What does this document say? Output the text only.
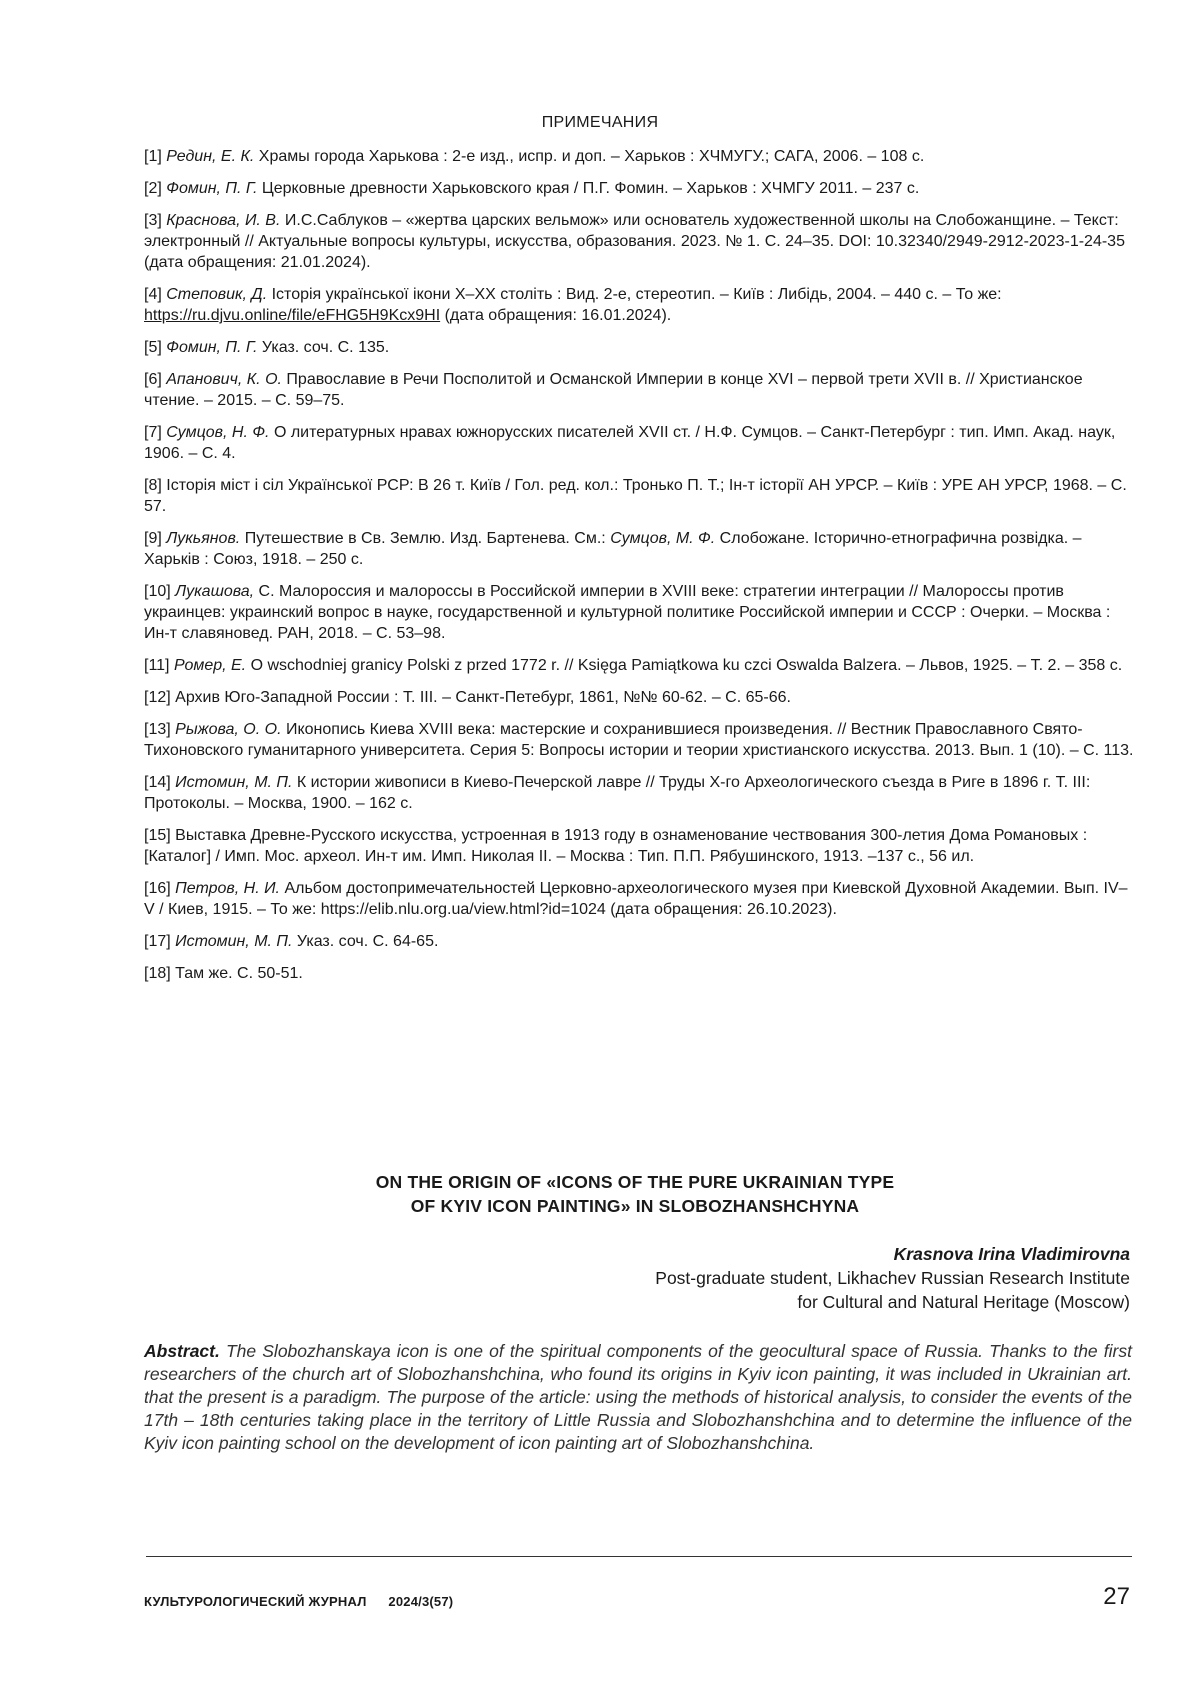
ПРИМЕЧАНИЯ
[1] Редин, Е. К. Храмы города Харькова : 2-е изд., испр. и доп. – Харьков : ХЧМУГУ.; САГА, 2006. – 108 с.
[2] Фомин, П. Г. Церковные древности Харьковского края / П.Г. Фомин. – Харьков : ХЧМГУ 2011. – 237 с.
[3] Краснова, И. В. И.С.Саблуков – «жертва царских вельмож» или основатель художественной школы на Слобожанщине. – Текст: электронный // Актуальные вопросы культуры, искусства, образования. 2023. № 1. С. 24–35. DOI: 10.32340/2949-2912-2023-1-24-35 (дата обращения: 21.01.2024).
[4] Степовик, Д. Історія української ікони X–XX століть : Вид. 2-е, стереотип. – Київ : Либідь, 2004. – 440 с. – То же: https://ru.djvu.online/file/eFHG5H9Kcx9HI (дата обращения: 16.01.2024).
[5] Фомин, П. Г. Указ. соч. С. 135.
[6] Апанович, К. О. Православие в Речи Посполитой и Османской Империи в конце XVI – первой трети XVII в. // Христианское чтение. – 2015. – С. 59–75.
[7] Сумцов, Н. Ф. О литературных нравах южнорусских писателей XVII ст. / Н.Ф. Сумцов. – Санкт-Петербург : тип. Имп. Акад. наук, 1906. – С. 4.
[8] Історія міст і сіл Української РСР: В 26 т. Київ / Гол. ред. кол.: Тронько П. Т.; Ін-т історії АН УРСР. – Київ : УРЕ АН УРСР, 1968. – С. 57.
[9] Лукьянов. Путешествие в Св. Землю. Изд. Бартенева. См.: Сумцов, М. Ф. Слобожане. Історично-етнографична розвідка. – Харьків : Союз, 1918. – 250 с.
[10] Лукашова, С. Малороссия и малороссы в Российской империи в XVIII веке: стратегии интеграции // Малороссы против украинцев: украинский вопрос в науке, государственной и культурной политике Российской империи и СССР : Очерки. – Москва : Ин-т славяновед. РАН, 2018. – С. 53–98.
[11] Ромер, Е. O wschodniej granicy Polski z przed 1772 r. // Księga Pamiątkowa ku czci Oswalda Balzera. – Львов, 1925. – Т. 2. – 358 с.
[12] Архив Юго-Западной России : Т. III. – Санкт-Петебург, 1861, №№ 60-62. – С. 65-66.
[13] Рыжова, О. О. Иконопись Киева XVIII века: мастерские и сохранившиеся произведения. // Вестник Православного Свято-Тихоновского гуманитарного университета. Серия 5: Вопросы истории и теории христианского искусства. 2013. Вып. 1 (10). – С. 113.
[14] Истомин, М. П. К истории живописи в Киево-Печерской лавре // Труды X-го Археологического съезда в Риге в 1896 г. Т. III: Протоколы. – Москва, 1900. – 162 с.
[15] Выставка Древне-Русского искусства, устроенная в 1913 году в ознаменование чествования 300-летия Дома Романовых : [Каталог] / Имп. Мос. археол. Ин-т им. Имп. Николая II. – Москва : Тип. П.П. Рябушинского, 1913. –137 с., 56 ил.
[16] Петров, Н. И. Альбом достопримечательностей Церковно-археологического музея при Киевской Духовной Академии. Вып. IV–V / Киев, 1915. – То же: https://elib.nlu.org.ua/view.html?id=1024 (дата обращения: 26.10.2023).
[17] Истомин, М. П. Указ. соч. С. 64-65.
[18] Там же. С. 50-51.
ON THE ORIGIN OF «ICONS OF THE PURE UKRAINIAN TYPE
OF KYIV ICON PAINTING» IN SLOBOZHANSHCHYNA
Krasnova Irina Vladimirovna
Post-graduate student, Likhachev Russian Research Institute
for Cultural and Natural Heritage (Moscow)
Abstract. The Slobozhanskaya icon is one of the spiritual components of the geocultural space of Russia. Thanks to the first researchers of the church art of Slobozhanshchina, who found its origins in Kyiv icon painting, it was included in Ukrainian art. that the present is a paradigm. The purpose of the article: using the methods of historical analysis, to consider the events of the 17th – 18th centuries taking place in the territory of Little Russia and Slobozhanshchina and to determine the influence of the Kyiv icon painting school on the development of icon painting art of Slobozhanshchina.
КУЛЬТУРОЛОГИЧЕСКИЙ ЖУРНАЛ 2024/3(57)	27
